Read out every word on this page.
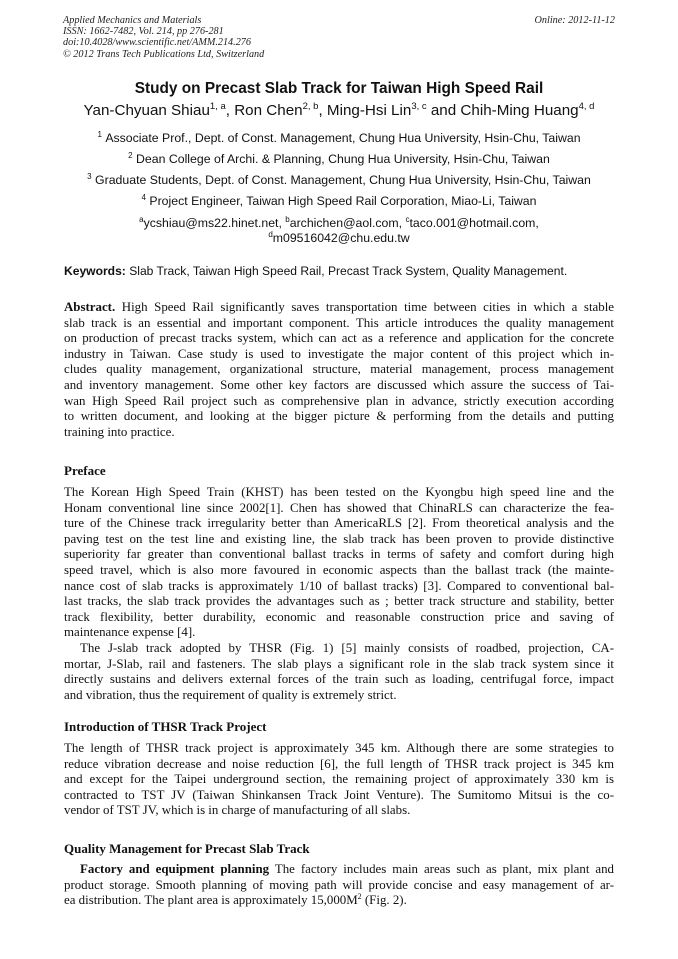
Applied Mechanics and Materials
ISSN: 1662-7482, Vol. 214, pp 276-281
doi:10.4028/www.scientific.net/AMM.214.276
© 2012 Trans Tech Publications Ltd, Switzerland
Online: 2012-11-12
Study on Precast Slab Track for Taiwan High Speed Rail
Yan-Chyuan Shiau$^{1, a}$, Ron Chen$^{2, b}$, Ming-Hsi Lin$^{3, c}$ and Chih-Ming Huang$^{4, d}$
$^1$ Associate Prof., Dept. of Const. Management, Chung Hua University, Hsin-Chu, Taiwan
$^2$ Dean College of Archi. & Planning, Chung Hua University, Hsin-Chu, Taiwan
$^3$ Graduate Students, Dept. of Const. Management, Chung Hua University, Hsin-Chu, Taiwan
$^4$ Project Engineer, Taiwan High Speed Rail Corporation, Miao-Li, Taiwan
$^a$ycshiau@ms22.hinet.net, $^b$archichen@aol.com, $^c$taco.001@hotmail.com,
$^d$m09516042@chu.edu.tw
Keywords: Slab Track, Taiwan High Speed Rail, Precast Track System, Quality Management.
Abstract. High Speed Rail significantly saves transportation time between cities in which a stable
slab track is an essential and important component. This article introduces the quality management
on production of precast tracks system, which can act as a reference and application for the concrete
industry in Taiwan. Case study is used to investigate the major content of this project which in-
cludes quality management, organizational structure, material management, process management
and inventory management. Some other key factors are discussed which assure the success of Tai-
wan High Speed Rail project such as comprehensive plan in advance, strictly execution according
to written document, and looking at the bigger picture & performing from the details and putting
training into practice.
Preface
The Korean High Speed Train (KHST) has been tested on the Kyongbu high speed line and the
Honam conventional line since 2002[1]. Chen has showed that ChinaRLS can characterize the fea-
ture of the Chinese track irregularity better than AmericaRLS [2]. From theoretical analysis and the
paving test on the test line and existing line, the slab track has been proven to provide distinctive
superiority far greater than conventional ballast tracks in terms of safety and comfort during high
speed travel, which is also more favoured in economic aspects than the ballast track (the mainte-
nance cost of slab tracks is approximately 1/10 of ballast tracks) [3]. Compared to conventional bal-
last tracks, the slab track provides the advantages such as ; better track structure and stability, better
track flexibility, better durability, economic and reasonable construction price and saving of
maintenance expense [4].
The J-slab track adopted by THSR (Fig. 1) [5] mainly consists of roadbed, projection, CA-
mortar, J-Slab, rail and fasteners. The slab plays a significant role in the slab track system since it
directly sustains and delivers external forces of the train such as loading, centrifugal force, impact
and vibration, thus the requirement of quality is extremely strict.
Introduction of THSR Track Project
The length of THSR track project is approximately 345 km. Although there are some strategies to
reduce vibration decrease and noise reduction [6], the full length of THSR track project is 345 km
and except for the Taipei underground section, the remaining project of approximately 330 km is
contracted to TST JV (Taiwan Shinkansen Track Joint Venture). The Sumitomo Mitsui is the co-
vendor of TST JV, which is in charge of manufacturing of all slabs.
Quality Management for Precast Slab Track
Factory and equipment planning The factory includes main areas such as plant, mix plant and
product storage. Smooth planning of moving path will provide concise and easy management of ar-
ea distribution. The plant area is approximately $15,000M^2$ (Fig. 2).
